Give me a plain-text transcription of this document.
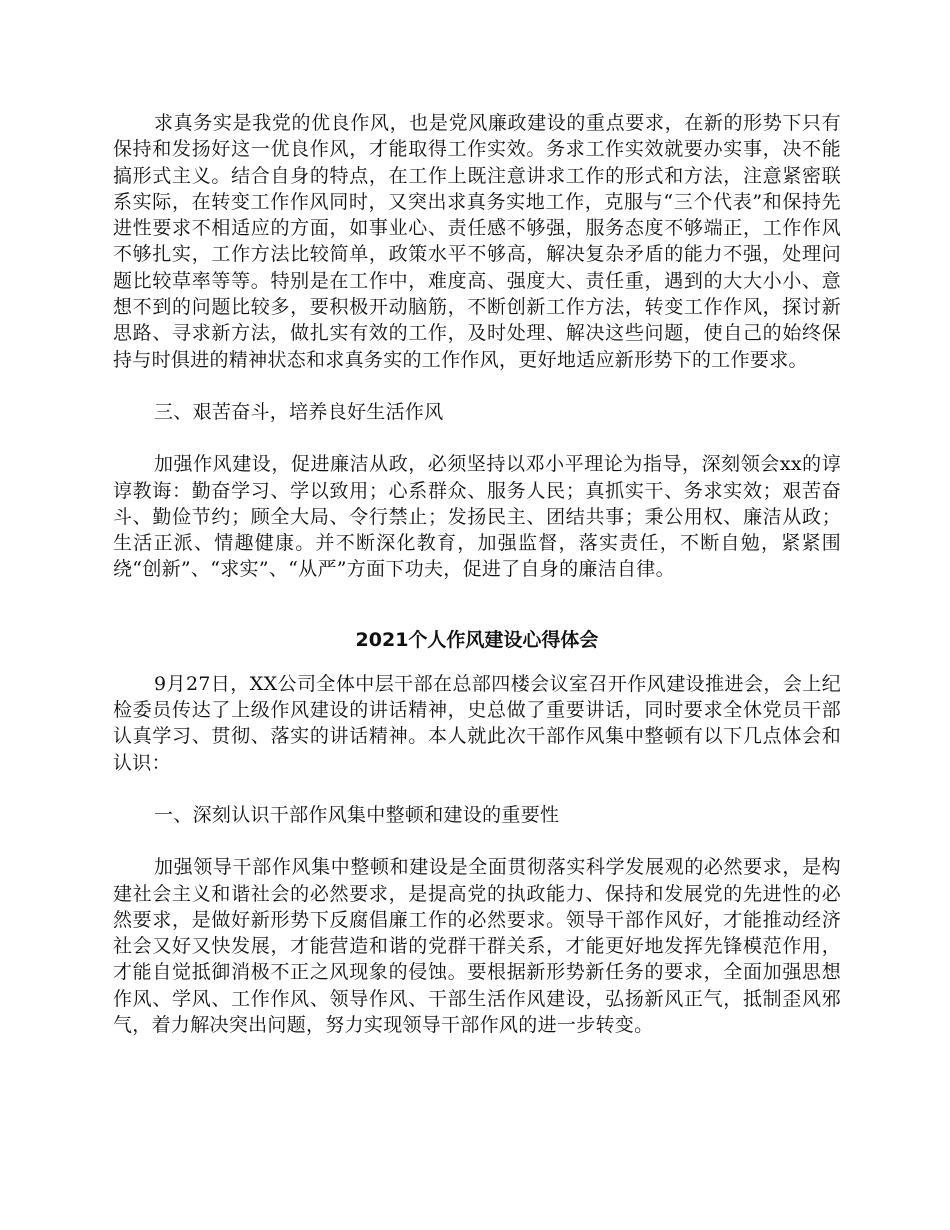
求真务实是我党的优良作风，也是党风廉政建设的重点要求，在新的形势下只有保持和发扬好这一优良作风，才能取得工作实效。务求工作实效就要办实事，决不能搞形式主义。结合自身的特点，在工作上既注意讲求工作的形式和方法，注意紧密联系实际，在转变工作作风同时，又突出求真务实地工作，克服与“三个代表”和保持先进性要求不相适应的方面，如事业心、责任感不够强，服务态度不够端正，工作作风不够扎实，工作方法比较简单，政策水平不够高，解决复杂矛盾的能力不强，处理问题比较草率等等。特别是在工作中，难度高、强度大、责任重，遇到的大大小小、意想不到的问题比较多，要积极开动脑筋，不断创新工作方法，转变工作作风，探讨新思路、寻求新方法，做扎实有效的工作，及时处理、解决这些问题，使自己的始终保持与时俱进的精神状态和求真务实的工作作风，更好地适应新形势下的工作要求。

三、艰苦奋斗，培养良好生活作风

加强作风建设，促进廉洁从政，必须坚持以邓小平理论为指导，深刻领会xx的谆谆教诲：勤奋学习、学以致用；心系群众、服务人民；真抓实干、务求实效；艰苦奋斗、勤俭节约；顾全大局、令行禁止；发扬民主、团结共事；秉公用权、廉洁从政；生活正派、情趣健康。并不断深化教育，加强监督，落实责任，不断自勉，紧紧围绕“创新”、“求实”、“从严”方面下功夫，促进了自身的廉洁自律。

2021个人作风建设心得体会

9月27日，XX公司全体中层干部在总部四楼会议室召开作风建设推进会，会上纪检委员传达了上级作风建设的讲话精神，史总做了重要讲话，同时要求全休党员干部认真学习、贯彻、落实的讲话精神。本人就此次干部作风集中整顿有以下几点体会和认识：

一、深刻认识干部作风集中整顿和建设的重要性

加强领导干部作风集中整顿和建设是全面贯彻落实科学发展观的必然要求，是构建社会主义和谐社会的必然要求，是提高党的执政能力、保持和发展党的先进性的必然要求，是做好新形势下反腐倡廉工作的必然要求。领导干部作风好，才能推动经济社会又好又快发展，才能营造和谐的党群干群关系，才能更好地发挥先锋模范作用，才能自觉抵御消极不正之风现象的侵蚀。要根据新形势新任务的要求，全面加强思想作风、学风、工作作风、领导作风、干部生活作风建设，弘扬新风正气，抵制歪风邪气，着力解决突出问题，努力实现领导干部作风的进一步转变。
